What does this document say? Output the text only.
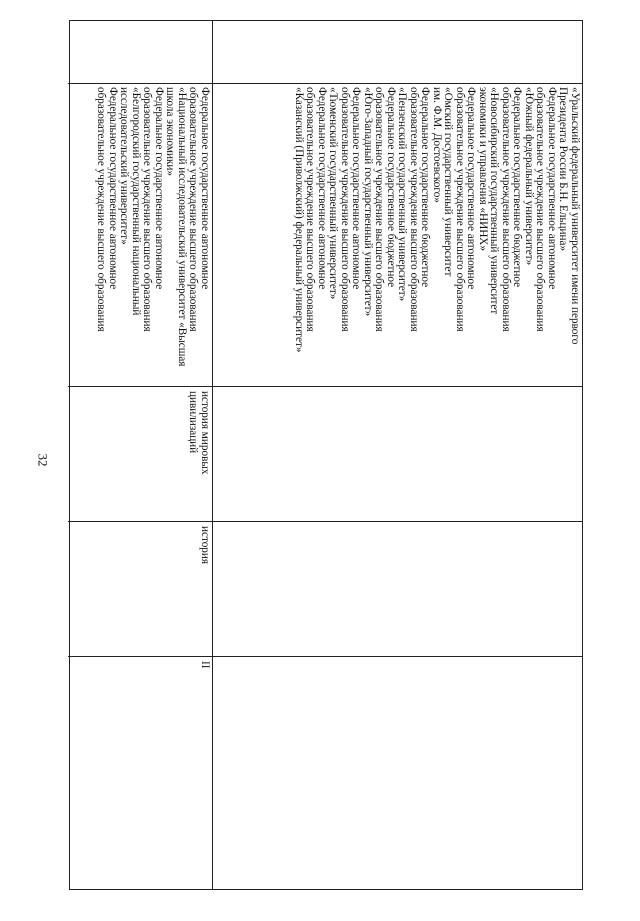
32
«Уральский федеральный университет имени первого
Президента России Б.Н. Ельцина»
Федеральное государственное автономное
образовательное учреждение высшего образования
«Южный федеральный университет»
Федеральное государственное бюджетное
образовательное учреждение высшего образования
«Новосибирский государственный университет
экономики и управления «НИНХ»
Федеральное государственное автономное
образовательное учреждение высшего образования
«Омский государственный университет
им. Ф.М. Достоевского»
Федеральное государственное бюджетное
образовательное учреждение высшего образования
«Пензенский государственный университет»
Федеральное государственное бюджетное
образовательное учреждение высшего образования
«Юго-Западный государственный университет»
Федеральное государственное автономное
образовательное учреждение высшего образования
«Тюменский государственный университет»
Федеральное государственное автономное
образовательное учреждение высшего образования
«Казанский (Приволжский) федеральный университет»
Федеральное государственное автономное
образовательное учреждение высшего образования
«Национальный исследовательский университет «Высшая
школа экономики»
Федеральное государственное автономное
образовательное учреждение высшего образования
«Белгородский государственный национальный
исследовательский университет»
Федеральное государственное автономное
образовательное учреждение высшего образования
история мировых
цивилизаций
история
II
